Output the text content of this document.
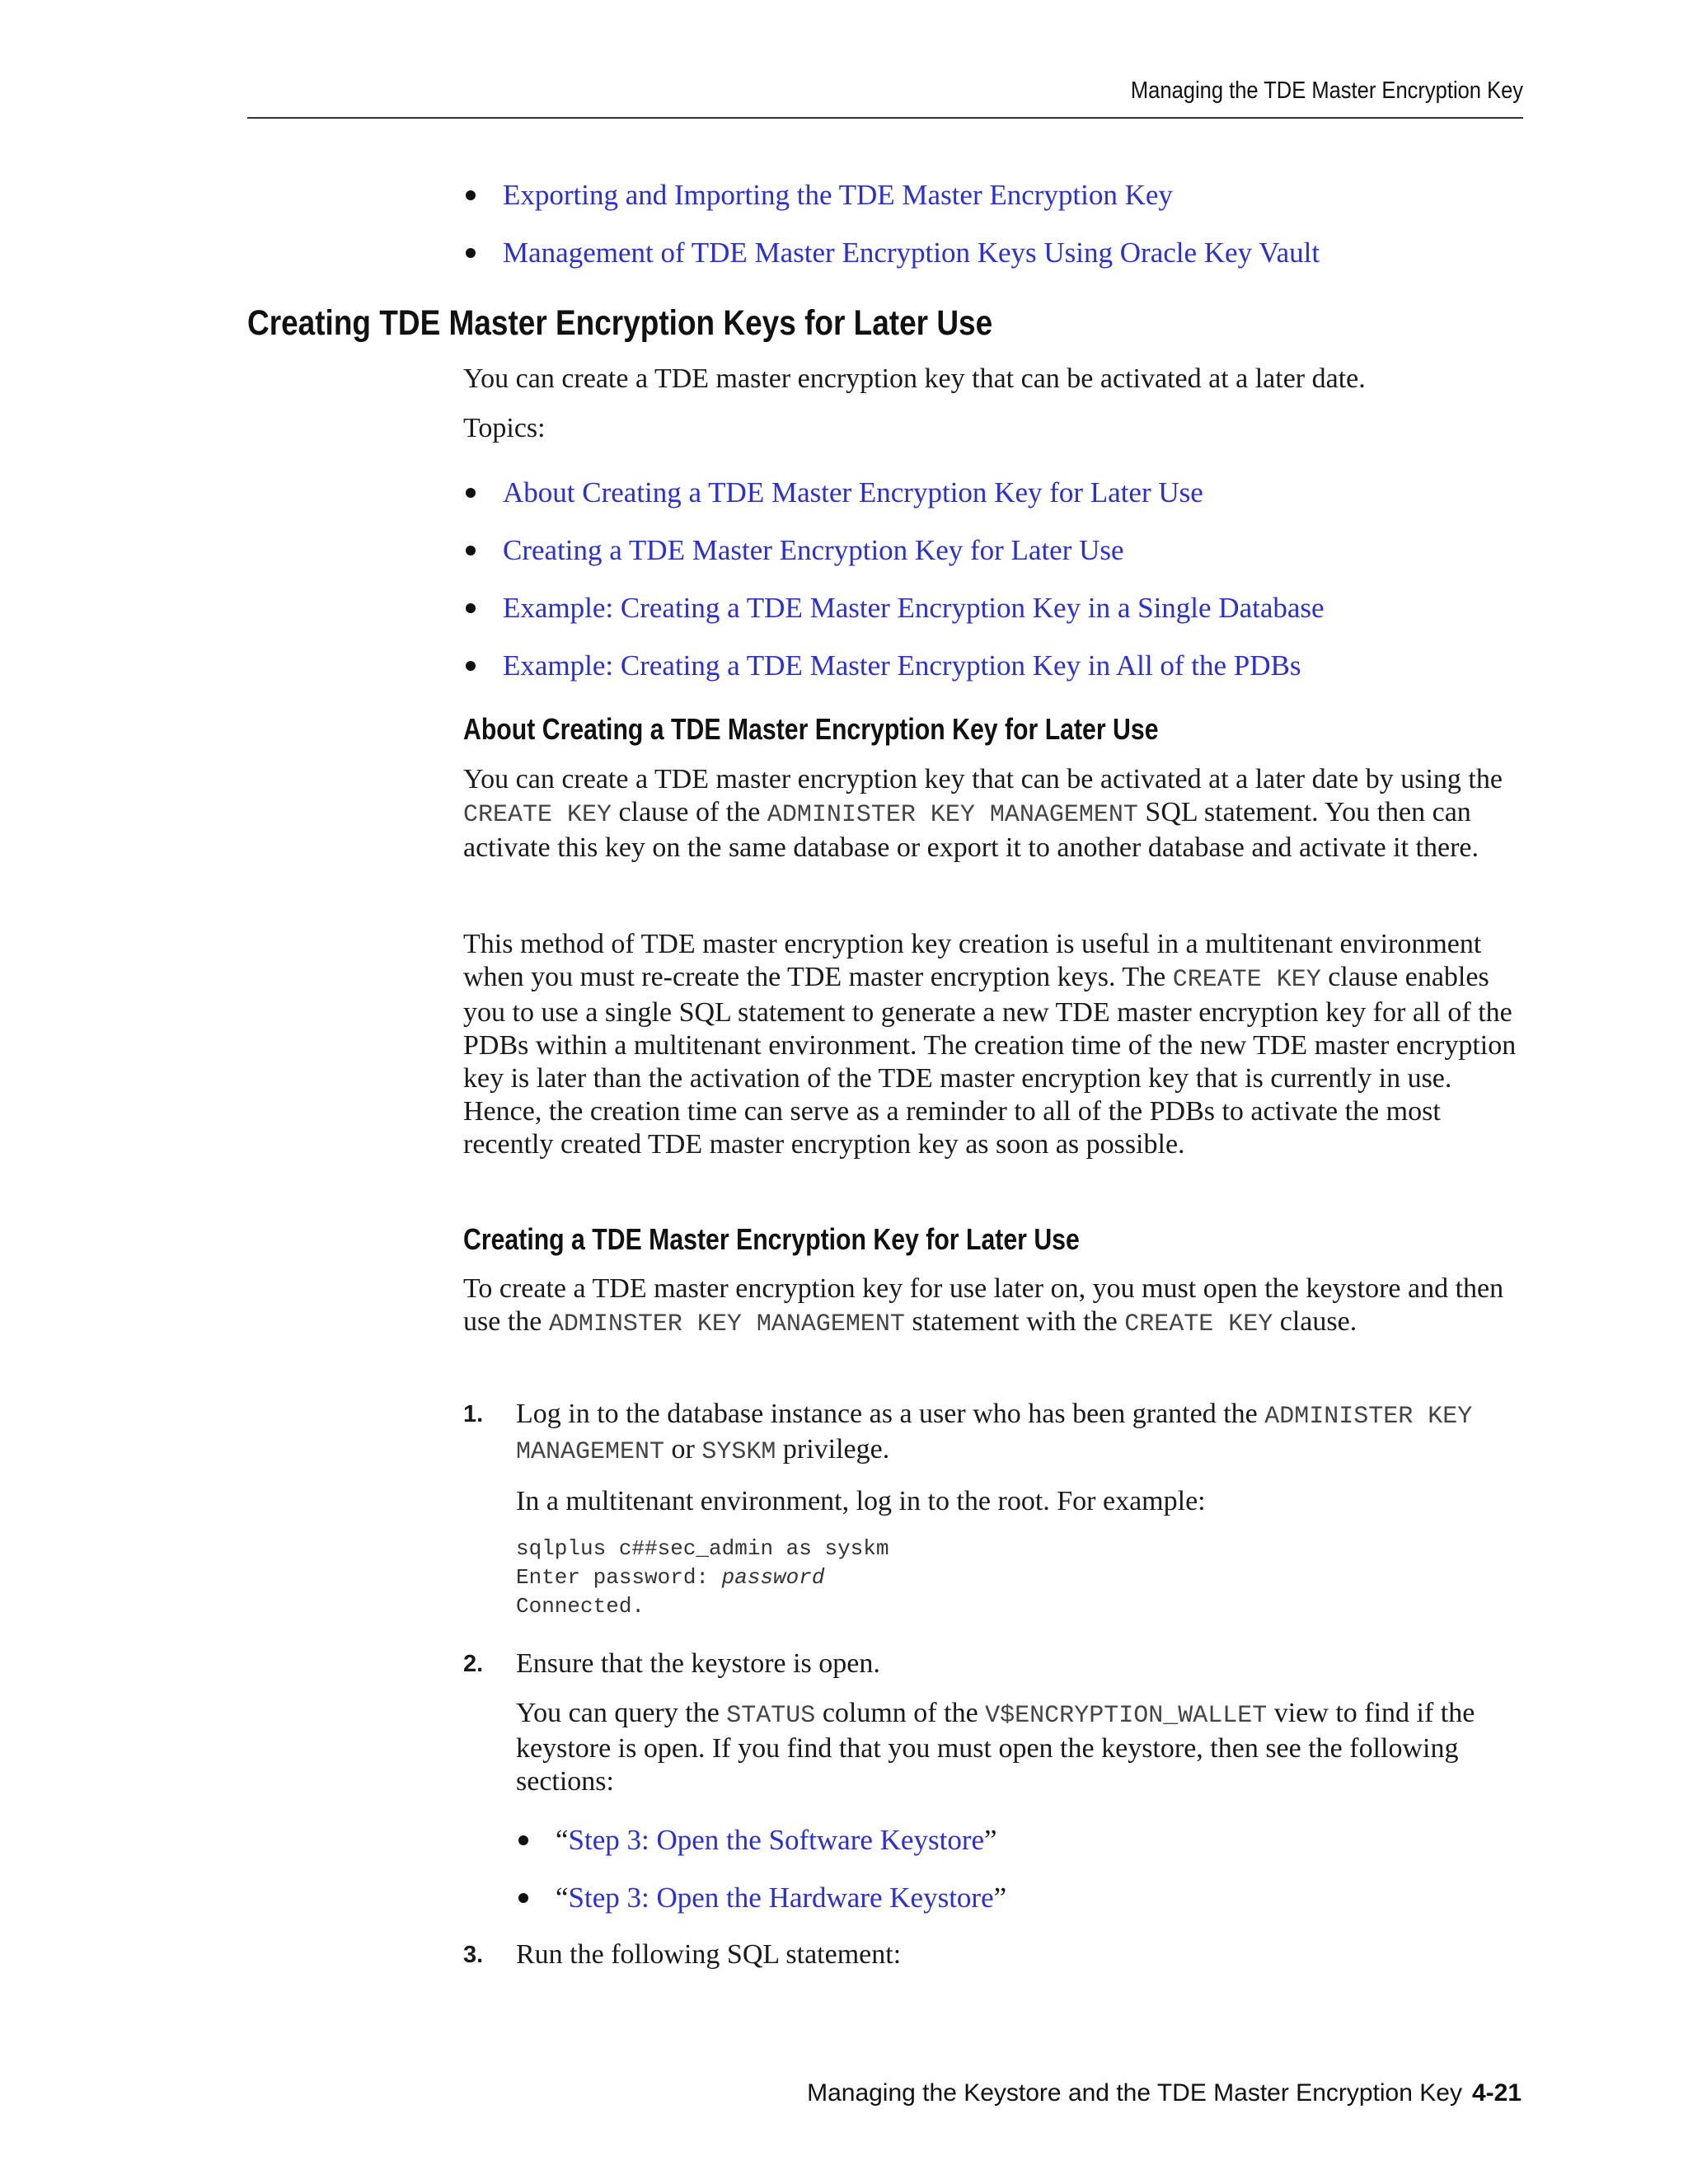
Managing the TDE Master Encryption Key
Exporting and Importing the TDE Master Encryption Key
Management of TDE Master Encryption Keys Using Oracle Key Vault
Creating TDE Master Encryption Keys for Later Use

You can create a TDE master encryption key that can be activated at a later date.

Topics:

About Creating a TDE Master Encryption Key for Later Use
Creating a TDE Master Encryption Key for Later Use
Example: Creating a TDE Master Encryption Key in a Single Database
Example: Creating a TDE Master Encryption Key in All of the PDBs
About Creating a TDE Master Encryption Key for Later Use

You can create a TDE master encryption key that can be activated at a later date by using the CREATE KEY clause of the ADMINISTER KEY MANAGEMENT SQL statement. You then can activate this key on the same database or export it to another database and activate it there.

This method of TDE master encryption key creation is useful in a multitenant environment when you must re-create the TDE master encryption keys. The CREATE KEY clause enables you to use a single SQL statement to generate a new TDE master encryption key for all of the PDBs within a multitenant environment. The creation time of the new TDE master encryption key is later than the activation of the TDE master encryption key that is currently in use. Hence, the creation time can serve as a reminder to all of the PDBs to activate the most recently created TDE master encryption key as soon as possible.

Creating a TDE Master Encryption Key for Later Use

To create a TDE master encryption key for use later on, you must open the keystore and then use the ADMINSTER KEY MANAGEMENT statement with the CREATE KEY clause.

1. Log in to the database instance as a user who has been granted the ADMINISTER KEY MANAGEMENT or SYSKM privilege.
In a multitenant environment, log in to the root. For example:
sqlplus c##sec_admin as syskm
Enter password: password
Connected.
2. Ensure that the keystore is open.
You can query the STATUS column of the V$ENCRYPTION_WALLET view to find if the keystore is open. If you find that you must open the keystore, then see the following sections:
“Step 3: Open the Software Keystore”
“Step 3: Open the Hardware Keystore”
3. Run the following SQL statement:
Managing the Keystore and the TDE Master Encryption Key 4-21
